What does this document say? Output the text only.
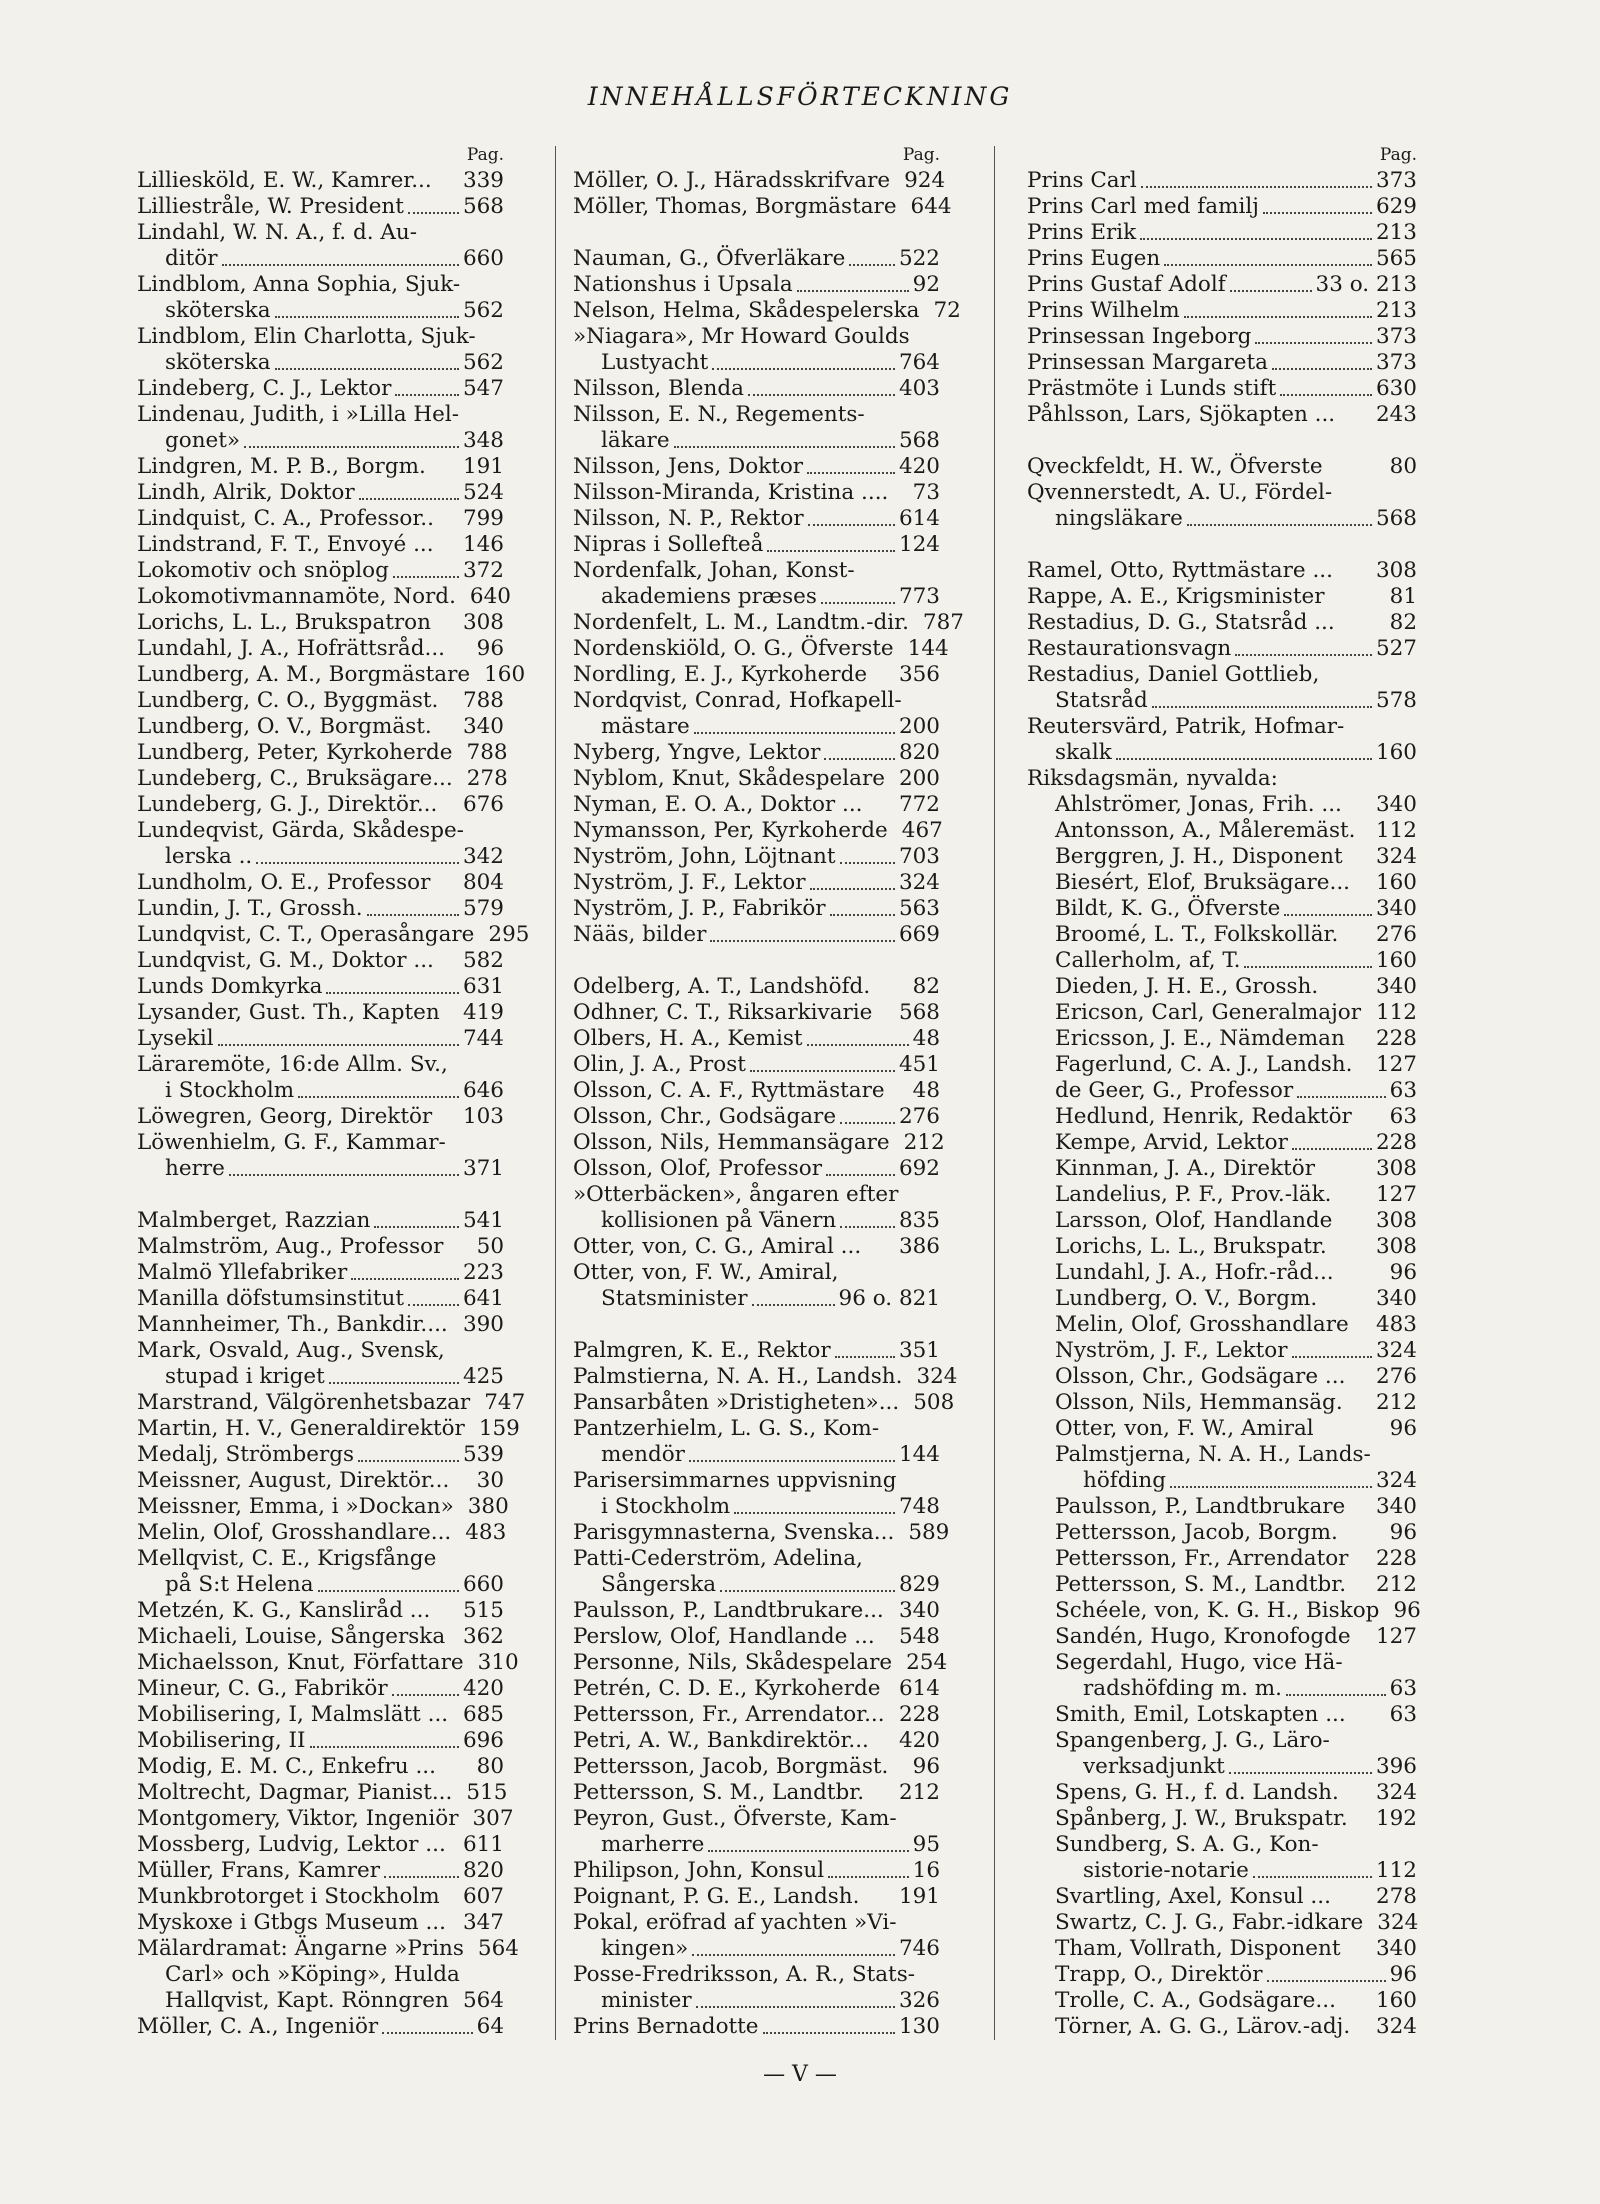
INNEHÅLLSFÖRTECKNING
Pag.
Lilliesköld, E. W., Kamrer... 339
Lilliestråle, W. President	568
Lindahl, W. N. A., f. d. Au-
ditör	660
Lindblom, Anna Sophia, Sjuk-
sköterska	562
Lindblom, Elin Charlotta, Sjuk-
sköterska	562
Lindeberg, C. J., Lektor	547
Lindenau, Judith, i »Lilla Hel-
gonet»	348
Lindgren, M. P. B., Borgm. 191
Lindh, Alrik, Doktor	524
Lindquist, C. A., Professor.. 799
Lindstrand, F. T., Envoyé ... 146
Lokomotiv och snöplog	372
Lokomotivmannamöte, Nord. 640
Lorichs, L. L., Brukspatron 308
Lundahl, J. A., Hofrättsråd... 96
Lundberg, A. M., Borgmästare 160
Lundberg, C. O., Byggmäst. 788
Lundberg, O. V., Borgmäst. 340
Lundberg, Peter, Kyrkoherde 788
Lundeberg, C., Bruksägare... 278
Lundeberg, G. J., Direktör... 676
Lundeqvist, Gärda, Skådespe-
lerska ..	342
Lundholm, O. E., Professor 804
Lundin, J. T., Grossh.	579
Lundqvist, C. T., Operasångare 295
Lundqvist, G. M., Doktor ... 582
Lunds Domkyrka	631
Lysander, Gust. Th., Kapten 419
Lysekil	744
Läraremöte, 16:de Allm. Sv.,
i Stockholm	646
Löwegren, Georg, Direktör 103
Löwenhielm, G. F., Kammar-
herre	371
Malmberget, Razzian	541
Malmström, Aug., Professor 50
Malmö Yllefabriker	223
Manilla döfstumsinstitut	641
Mannheimer, Th., Bankdir.... 390
Mark, Osvald, Aug., Svensk,
stupad i kriget	425
Marstrand, Välgörenhetsbazar 747
Martin, H. V., Generaldirektör 159
Medalj, Strömbergs	539
Meissner, August, Direktör... 30
Meissner, Emma, i »Dockan» 380
Melin, Olof, Grosshandlare... 483
Mellqvist, C. E., Krigsfånge
på S:t Helena	660
Metzén, K. G., Kansliråd ... 515
Michaeli, Louise, Sångerska 362
Michaelsson, Knut, Författare 310
Mineur, C. G., Fabrikör	420
Mobilisering, I, Malmslätt ... 685
Mobilisering, II	696
Modig, E. M. C., Enkefru ... 80
Moltrecht, Dagmar, Pianist... 515
Montgomery, Viktor, Ingeniör 307
Mossberg, Ludvig, Lektor ... 611
Müller, Frans, Kamrer	820
Munkbrotorget i Stockholm 607
Myskoxe i Gtbgs Museum ... 347
Mälardramat: Ängarne »Prins 564
Carl» och »Köping», Hulda
Hallqvist, Kapt. Rönngren 564
Möller, C. A., Ingeniör	64
Pag.
Möller, O. J., Häradsskrifvare 924
Möller, Thomas, Borgmästare 644
Nauman, G., Öfverläkare 522
Nationshus i Upsala	92
Nelson, Helma, Skådespelerska 72
»Niagara», Mr Howard Goulds
Lustyacht	764
Nilsson, Blenda	403
Nilsson, E. N., Regements-
läkare	568
Nilsson, Jens, Doktor	420
Nilsson-Miranda, Kristina .... 73
Nilsson, N. P., Rektor	614
Nipras i Sollefteå	124
Nordenfalk, Johan, Konst-
akademiens præses	773
Nordenfelt, L. M., Landtm.-dir. 787
Nordenskiöld, O. G., Öfverste 144
Nordling, E. J., Kyrkoherde 356
Nordqvist, Conrad, Hofkapell-
mästare	200
Nyberg, Yngve, Lektor	820
Nyblom, Knut, Skådespelare 200
Nyman, E. O. A., Doktor ... 772
Nymansson, Per, Kyrkoherde 467
Nyström, John, Löjtnant	703
Nyström, J. F., Lektor	324
Nyström, J. P., Fabrikör	563
Nääs, bilder	669
Odelberg, A. T., Landshöfd. 82
Odhner, C. T., Riksarkivarie 568
Olbers, H. A., Kemist	48
Olin, J. A., Prost	451
Olsson, C. A. F., Ryttmästare 48
Olsson, Chr., Godsägare	276
Olsson, Nils, Hemmansägare 212
Olsson, Olof, Professor	692
»Otterbäcken», ångaren efter
kollisionen på Vänern	835
Otter, von, C. G., Amiral ... 386
Otter, von, F. W., Amiral,
Statsminister	96 o. 821
Palmgren, K. E., Rektor	351
Palmstierna, N. A. H., Landsh. 324
Pansarbåten »Dristigheten»... 508
Pantzerhielm, L. G. S., Kom-
mendör	144
Parisersimmarnes uppvisning
i Stockholm	748
Parisgymnasterna, Svenska... 589
Patti-Cederström, Adelina,
Sångerska	829
Paulsson, P., Landtbrukare... 340
Perslow, Olof, Handlande ... 548
Personne, Nils, Skådespelare 254
Petrén, C. D. E., Kyrkoherde 614
Pettersson, Fr., Arrendator... 228
Petri, A. W., Bankdirektör... 420
Pettersson, Jacob, Borgmäst. 96
Pettersson, S. M., Landtbr. 212
Peyron, Gust., Öfverste, Kam-
marherre	95
Philipson, John, Konsul	16
Poignant, P. G. E., Landsh. 191
Pokal, eröfrad af yachten »Vi-
kingen»	746
Posse-Fredriksson, A. R., Stats-
minister	326
Prins Bernadotte	130
Pag.
Prins Carl	373
Prins Carl med familj	629
Prins Erik	213
Prins Eugen	565
Prins Gustaf Adolf	33 o. 213
Prins Wilhelm	213
Prinsessan Ingeborg	373
Prinsessan Margareta	373
Prästmöte i Lunds stift	630
Påhlsson, Lars, Sjökapten ... 243
Qveckfeldt, H. W., Öfverste	80
Qvennerstedt, A. U., Fördel-
ningsläkare	568
Ramel, Otto, Ryttmästare ... 308
Rappe, A. E., Krigsminister	81
Restadius, D. G., Statsråd ...	82
Restaurationsvagn	527
Restadius, Daniel Gottlieb,
Statsråd	578
Reutersvärd, Patrik, Hofmar-
skalk	160
Riksdagsmän, nyvalda:
Ahlströmer, Jonas, Frih. ... 340
Antonsson, A., Måleremäst. 112
Berggren, J. H., Disponent 324
Biesért, Elof, Bruksägare... 160
Bildt, K. G., Öfverste	340
Broomé, L. T., Folkskollär. 276
Callerholm, af, T.	160
Dieden, J. H. E., Grossh.	340
Ericson, Carl, Generalmajor 112
Ericsson, J. E., Nämdeman 228
Fagerlund, C. A. J., Landsh. 127
de Geer, G., Professor	63
Hedlund, Henrik, Redaktör 63
Kempe, Arvid, Lektor	228
Kinnman, J. A., Direktör	308
Landelius, P. F., Prov.-läk. 127
Larsson, Olof, Handlande 308
Lorichs, L. L., Brukspatr. 308
Lundahl, J. A., Hofr.-råd...	96
Lundberg, O. V., Borgm.	340
Melin, Olof, Grosshandlare 483
Nyström, J. F., Lektor	324
Olsson, Chr., Godsägare ... 276
Olsson, Nils, Hemmansäg. 212
Otter, von, F. W., Amiral	96
Palmstjerna, N. A. H., Lands-
höfding	324
Paulsson, P., Landtbrukare 340
Pettersson, Jacob, Borgm. 96
Pettersson, Fr., Arrendator 228
Pettersson, S. M., Landtbr. 212
Schéele, von, K. G. H., Biskop 96
Sandén, Hugo, Kronofogde 127
Segerdahl, Hugo, vice Hä-
radshöfding m. m.	63
Smith, Emil, Lotskapten ... 63
Spangenberg, J. G., Läro-
verksadjunkt	396
Spens, G. H., f. d. Landsh. 324
Spånberg, J. W., Brukspatr. 192
Sundberg, S. A. G., Kon-
sistorie-notarie	112
Svartling, Axel, Konsul ... 278
Swartz, C. J. G., Fabr.-idkare 324
Tham, Vollrath, Disponent 340
Trapp, O., Direktör	96
Trolle, C. A., Godsägare... 160
Törner, A. G. G., Lärov.-adj. 324
— V —
